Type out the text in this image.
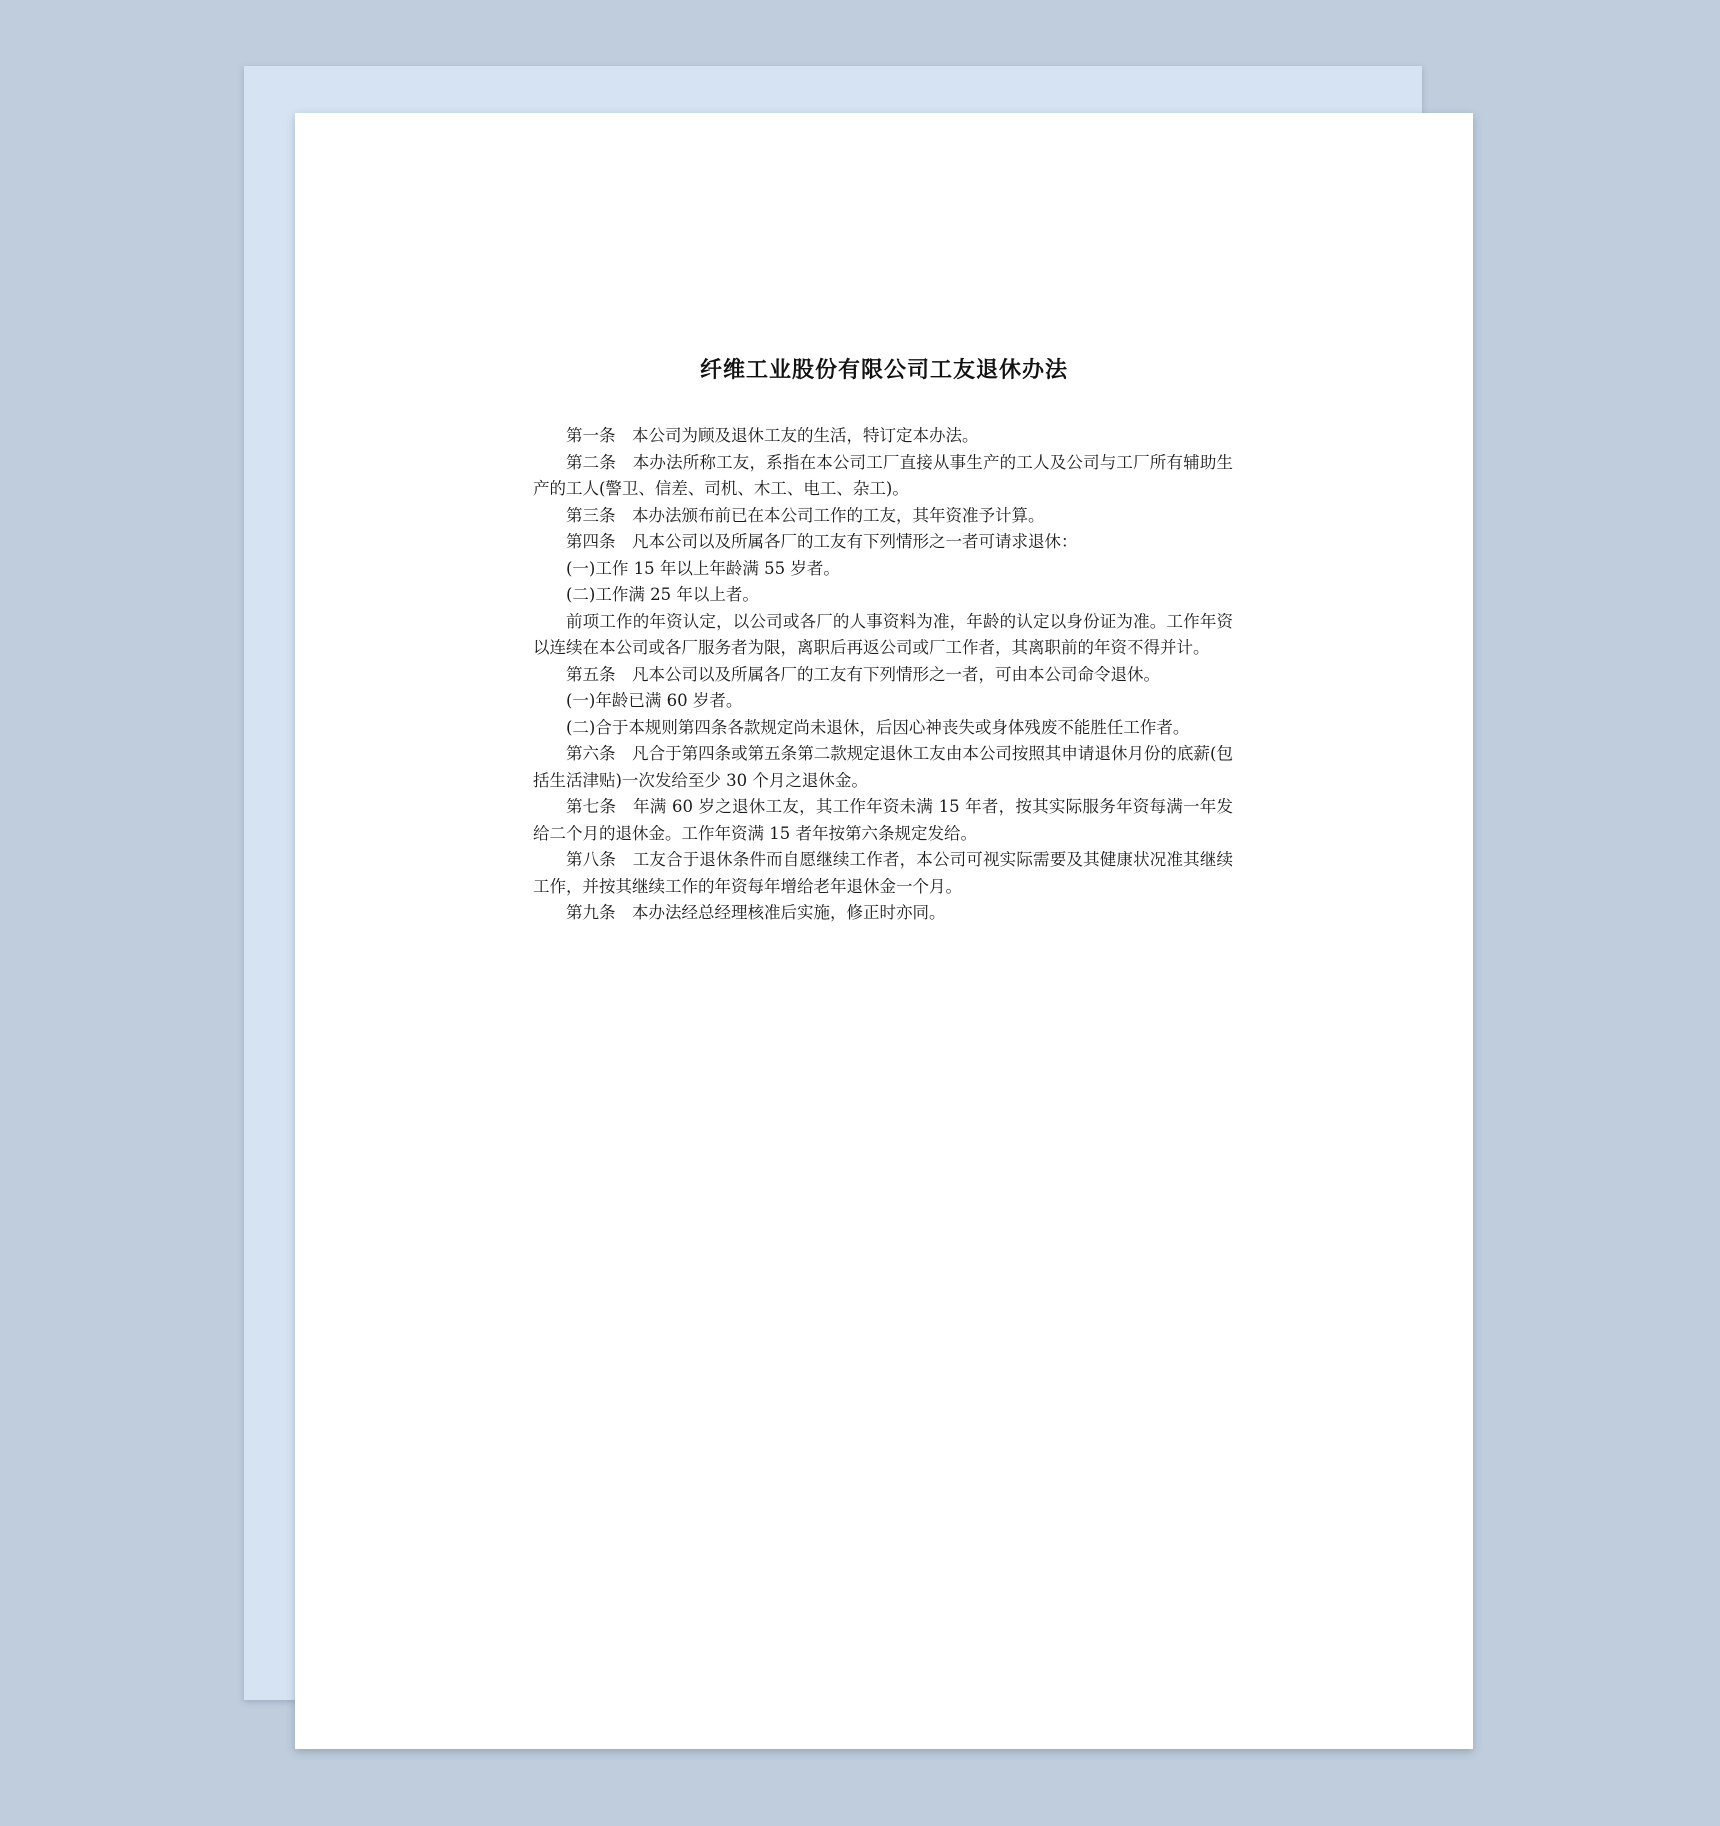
纤维工业股份有限公司工友退休办法

第一条　本公司为顾及退休工友的生活，特订定本办法。

第二条　本办法所称工友，系指在本公司工厂直接从事生产的工人及公司与工厂所有辅助生产的工人(警卫、信差、司机、木工、电工、杂工)。

第三条　本办法颁布前已在本公司工作的工友，其年资准予计算。

第四条　凡本公司以及所属各厂的工友有下列情形之一者可请求退休：

(一)工作 15 年以上年龄满 55 岁者。

(二)工作满 25 年以上者。

前项工作的年资认定，以公司或各厂的人事资料为准，年龄的认定以身份证为准。工作年资以连续在本公司或各厂服务者为限，离职后再返公司或厂工作者，其离职前的年资不得并计。

第五条　凡本公司以及所属各厂的工友有下列情形之一者，可由本公司命令退休。

(一)年龄已满 60 岁者。

(二)合于本规则第四条各款规定尚未退休，后因心神丧失或身体残废不能胜任工作者。

第六条　凡合于第四条或第五条第二款规定退休工友由本公司按照其申请退休月份的底薪(包括生活津贴)一次发给至少 30 个月之退休金。

第七条　年满 60 岁之退休工友，其工作年资未满 15 年者，按其实际服务年资每满一年发给二个月的退休金。工作年资满 15 者年按第六条规定发给。

第八条　工友合于退休条件而自愿继续工作者，本公司可视实际需要及其健康状况准其继续工作，并按其继续工作的年资每年增给老年退休金一个月。

第九条　本办法经总经理核准后实施，修正时亦同。
